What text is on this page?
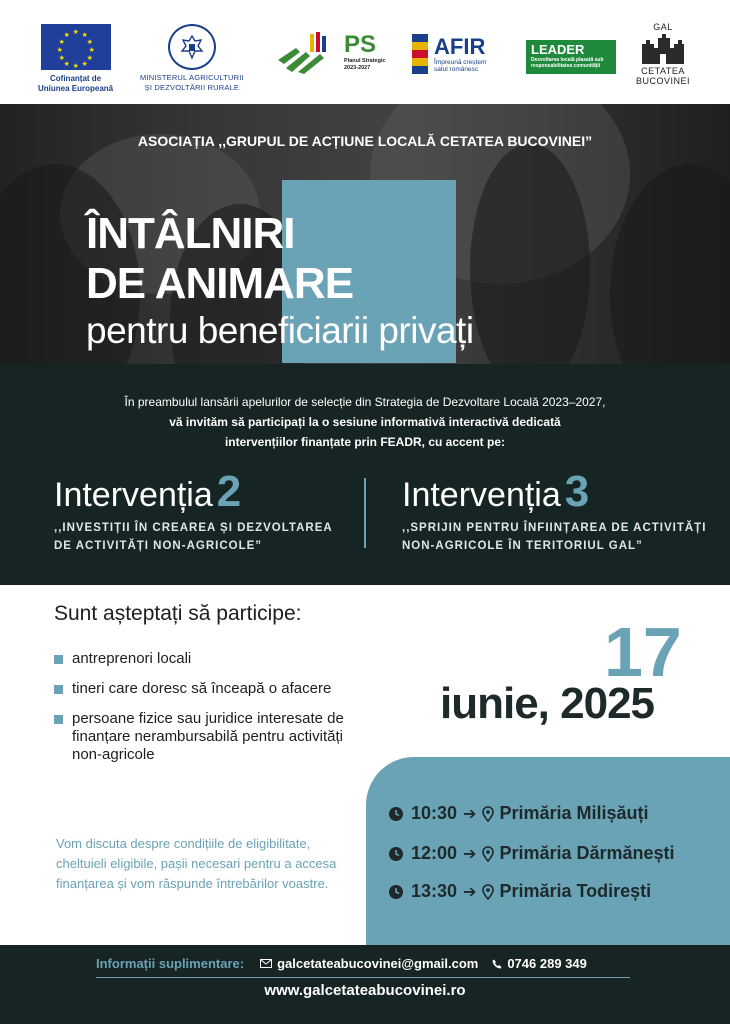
★ ★
★
★
★
★
★
★
★
★
★
★
Cofinanțat de
Uniunea Europeană
MINISTERUL AGRICULTURII
ȘI DEZVOLTĂRII RURALE
PS
Planul Strategic
2023-2027
AFIR
Împreună creștem
satul românesc
LEADER
Dezvoltarea locală plasată sub
responsabilitatea comunității
GAL
CETATEA
BUCOVINEI
ASOCIAȚIA ,,GRUPUL DE ACȚIUNE LOCALĂ CETATEA BUCOVINEI”
ÎNTÂLNIRI
DE ANIMARE
pentru beneficiarii privați
În preambulul lansării apelurilor de selecție din Strategia de Dezvoltare Locală 2023–2027,
vă invităm să participați la o sesiune informativă interactivă dedicată
intervențiilor finanțate prin FEADR, cu accent pe:
Intervenția2
,,INVESTIȚII ÎN CREAREA ȘI DEZVOLTAREA DE ACTIVITĂȚI NON-AGRICOLE”
Intervenția3
,,SPRIJIN PENTRU ÎNFIINȚAREA DE ACTIVITĂȚI NON-AGRICOLE ÎN TERITORIUL GAL”
Sunt așteptați să participe:
antreprenori locali
tineri care doresc să înceapă o afacere
persoane fizice sau juridice interesate de finanțare nerambursabilă pentru activități non-agricole
Vom discuta despre condițiile de eligibilitate, cheltuieli eligibile, pașii necesari pentru a accesa finanțarea și vom răspunde întrebărilor voastre.
17
iunie, 2025
10:30 ➔ Primăria Milișăuți
12:00 ➔ Primăria Dărmănești
13:30 ➔ Primăria Todirești
Informații suplimentare:	galcetateabucovinei@gmail.com 0746 289 349
www.galcetateabucovinei.ro
